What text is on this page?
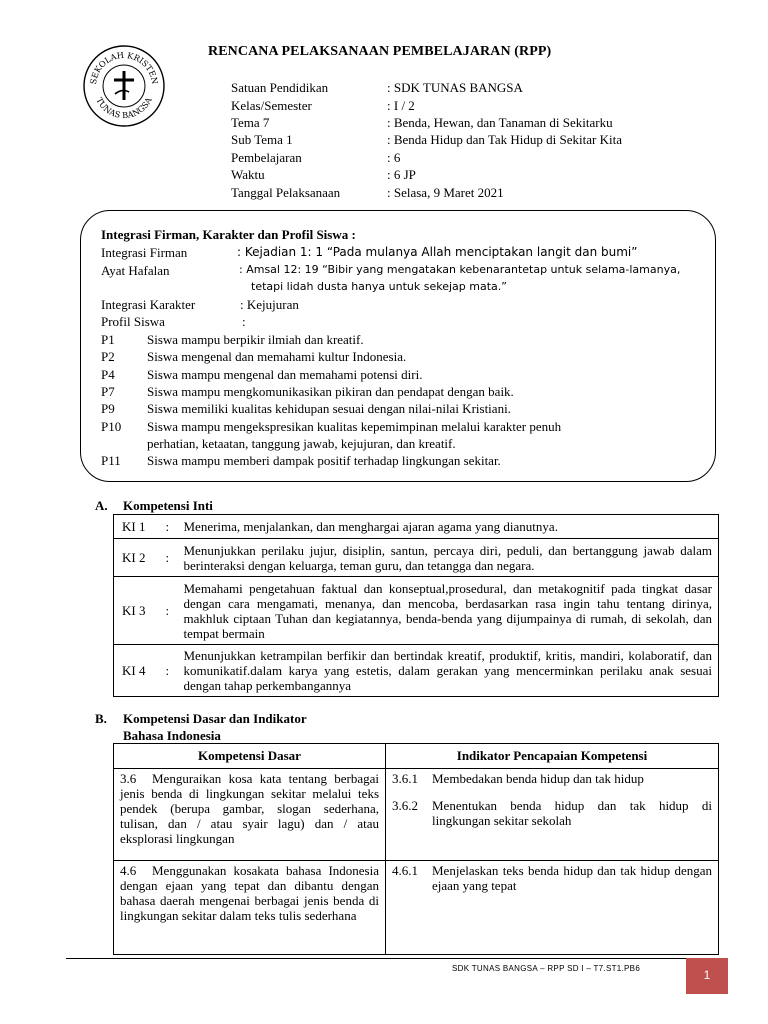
SEKOLAH KRISTEN
TUNAS BANGSA
RENCANA PELAKSANAAN PEMBELAJARAN (RPP)
Satuan Pendidikan	: SDK TUNAS BANGSA
Kelas/Semester	: I / 2
Tema 7	: Benda, Hewan, dan Tanaman di Sekitarku
Sub Tema 1	: Benda Hidup dan Tak Hidup di Sekitar Kita
Pembelajaran	: 6
Waktu	: 6 JP
Tanggal Pelaksanaan	: Selasa, 9 Maret 2021
Integrasi Firman, Karakter dan Profil Siswa :
Integrasi Firman	: Kejadian 1: 1 “Pada mulanya Allah menciptakan langit dan bumi”
Ayat Hafalan	: Amsal 12: 19 “Bibir yang mengatakan kebenarantetap untuk selama-lamanya,
tetapi lidah dusta hanya untuk sekejap mata.”
Integrasi Karakter	: Kejujuran
Profil Siswa	:
P1 Siswa mampu berpikir ilmiah dan kreatif.
P2 Siswa mengenal dan memahami kultur Indonesia.
P4 Siswa mampu mengenal dan memahami potensi diri.
P7 Siswa mampu mengkomunikasikan pikiran dan pendapat dengan baik.
P9 Siswa memiliki kualitas kehidupan sesuai dengan nilai-nilai Kristiani.
P10 Siswa mampu mengekspresikan kualitas kepemimpinan melalui karakter penuh
perhatian, ketaatan, tanggung jawab, kejujuran, dan kreatif.
P11 Siswa mampu memberi dampak positif terhadap lingkungan sekitar.
A. Kompetensi Inti
KI 1	:	Menerima, menjalankan, dan menghargai ajaran agama yang dianutnya.
KI 2	:	Menunjukkan perilaku jujur, disiplin, santun, percaya diri, peduli, dan bertanggung jawab dalam berinteraksi dengan keluarga, teman guru, dan tetangga dan negara.
KI 3	:	Memahami pengetahuan faktual dan konseptual,prosedural, dan metakognitif pada tingkat dasar dengan cara mengamati, menanya, dan mencoba, berdasarkan rasa ingin tahu tentang dirinya, makhluk ciptaan Tuhan dan kegiatannya, benda-benda yang dijumpainya di rumah, di sekolah, dan tempat bermain
KI 4	:	Menunjukkan ketrampilan berfikir dan bertindak kreatif, produktif, kritis, mandiri, kolaboratif, dan komunikatif.dalam karya yang estetis, dalam gerakan yang mencerminkan perilaku anak sesuai dengan tahap perkembangannya
B. Kompetensi Dasar dan Indikator
Bahasa Indonesia
Kompetensi Dasar	Indikator Pencapaian Kompetensi

3.6 Menguraikan kosa kata tentang berbagai jenis benda di lingkungan sekitar melalui teks pendek (berupa gambar, slogan sederhana, tulisan, dan / atau syair lagu) dan / atau eksplorasi lingkungan	3.6.1 Membedakan benda hidup dan tak hidup
3.6.2 Menentukan benda hidup dan tak hidup di lingkungan sekitar sekolah

4.6 Menggunakan kosakata bahasa Indonesia dengan ejaan yang tepat dan dibantu dengan bahasa daerah mengenai berbagai jenis benda di lingkungan sekitar dalam teks tulis sederhana	4.6.1 Menjelaskan teks benda hidup dan tak hidup dengan ejaan yang tepat
SDK TUNAS BANGSA – RPP SD I – T7.ST1.PB6	1
